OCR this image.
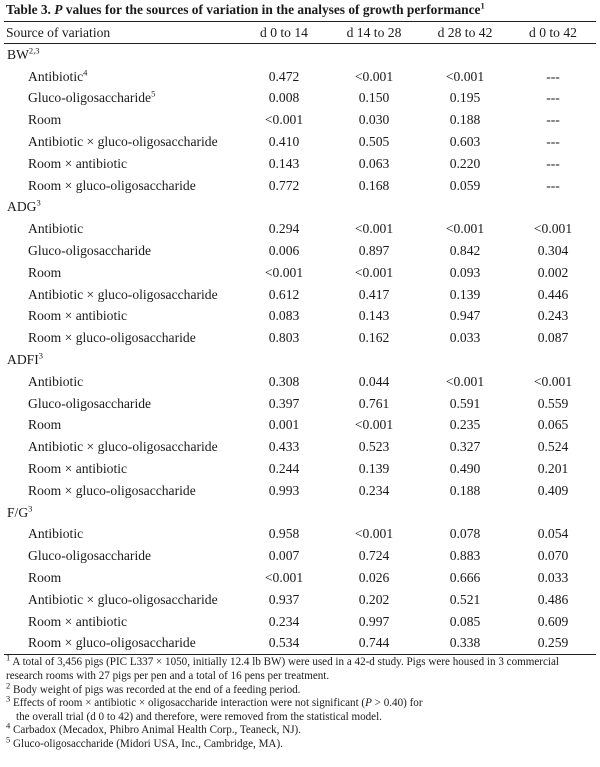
Table 3. P values for the sources of variation in the analyses of growth performance$^1$
Source of variation	d 0 to 14	d 14 to 28	d 28 to 42	d 0 to 42
BW$^{2,3}$
Antibiotic$^4$	0.472	<0.001	<0.001	---
Gluco-oligosaccharide$^5$	0.008	0.150	0.195	---
Room	<0.001	0.030	0.188	---
Antibiotic × gluco-oligosaccharide	0.410	0.505	0.603	---
Room × antibiotic	0.143	0.063	0.220	---
Room × gluco-oligosaccharide	0.772	0.168	0.059	---
ADG$^3$
Antibiotic	0.294	<0.001	<0.001	<0.001
Gluco-oligosaccharide	0.006	0.897	0.842	0.304
Room	<0.001	<0.001	0.093	0.002
Antibiotic × gluco-oligosaccharide	0.612	0.417	0.139	0.446
Room × antibiotic	0.083	0.143	0.947	0.243
Room × gluco-oligosaccharide	0.803	0.162	0.033	0.087
ADFI$^3$
Antibiotic	0.308	0.044	<0.001	<0.001
Gluco-oligosaccharide	0.397	0.761	0.591	0.559
Room	0.001	<0.001	0.235	0.065
Antibiotic × gluco-oligosaccharide	0.433	0.523	0.327	0.524
Room × antibiotic	0.244	0.139	0.490	0.201
Room × gluco-oligosaccharide	0.993	0.234	0.188	0.409
$F/G^3$
Antibiotic	0.958	<0.001	0.078	0.054
Gluco-oligosaccharide	0.007	0.724	0.883	0.070
Room	<0.001	0.026	0.666	0.033
Antibiotic × gluco-oligosaccharide	0.937	0.202	0.521	0.486
Room × antibiotic	0.234	0.997	0.085	0.609
Room × gluco-oligosaccharide	0.534	0.744	0.338	0.259
$^1$ A total of 3,456 pigs (PIC L337 × 1050, initially 12.4 lb BW) were used in a 42-d study. Pigs were housed in 3 commercial
research rooms with 27 pigs per pen and a total of 16 pens per treatment.
$^2$ Body weight of pigs was recorded at the end of a feeding period.
$^3$ Effects of room × antibiotic × oligosaccharide interaction were not significant (P > 0.40) for
the overall trial (d 0 to 42) and therefore, were removed from the statistical model.
$^4$ Carbadox (Mecadox, Phibro Animal Health Corp., Teaneck, NJ).
$^5$ Gluco-oligosaccharide (Midori USA, Inc., Cambridge, MA).
